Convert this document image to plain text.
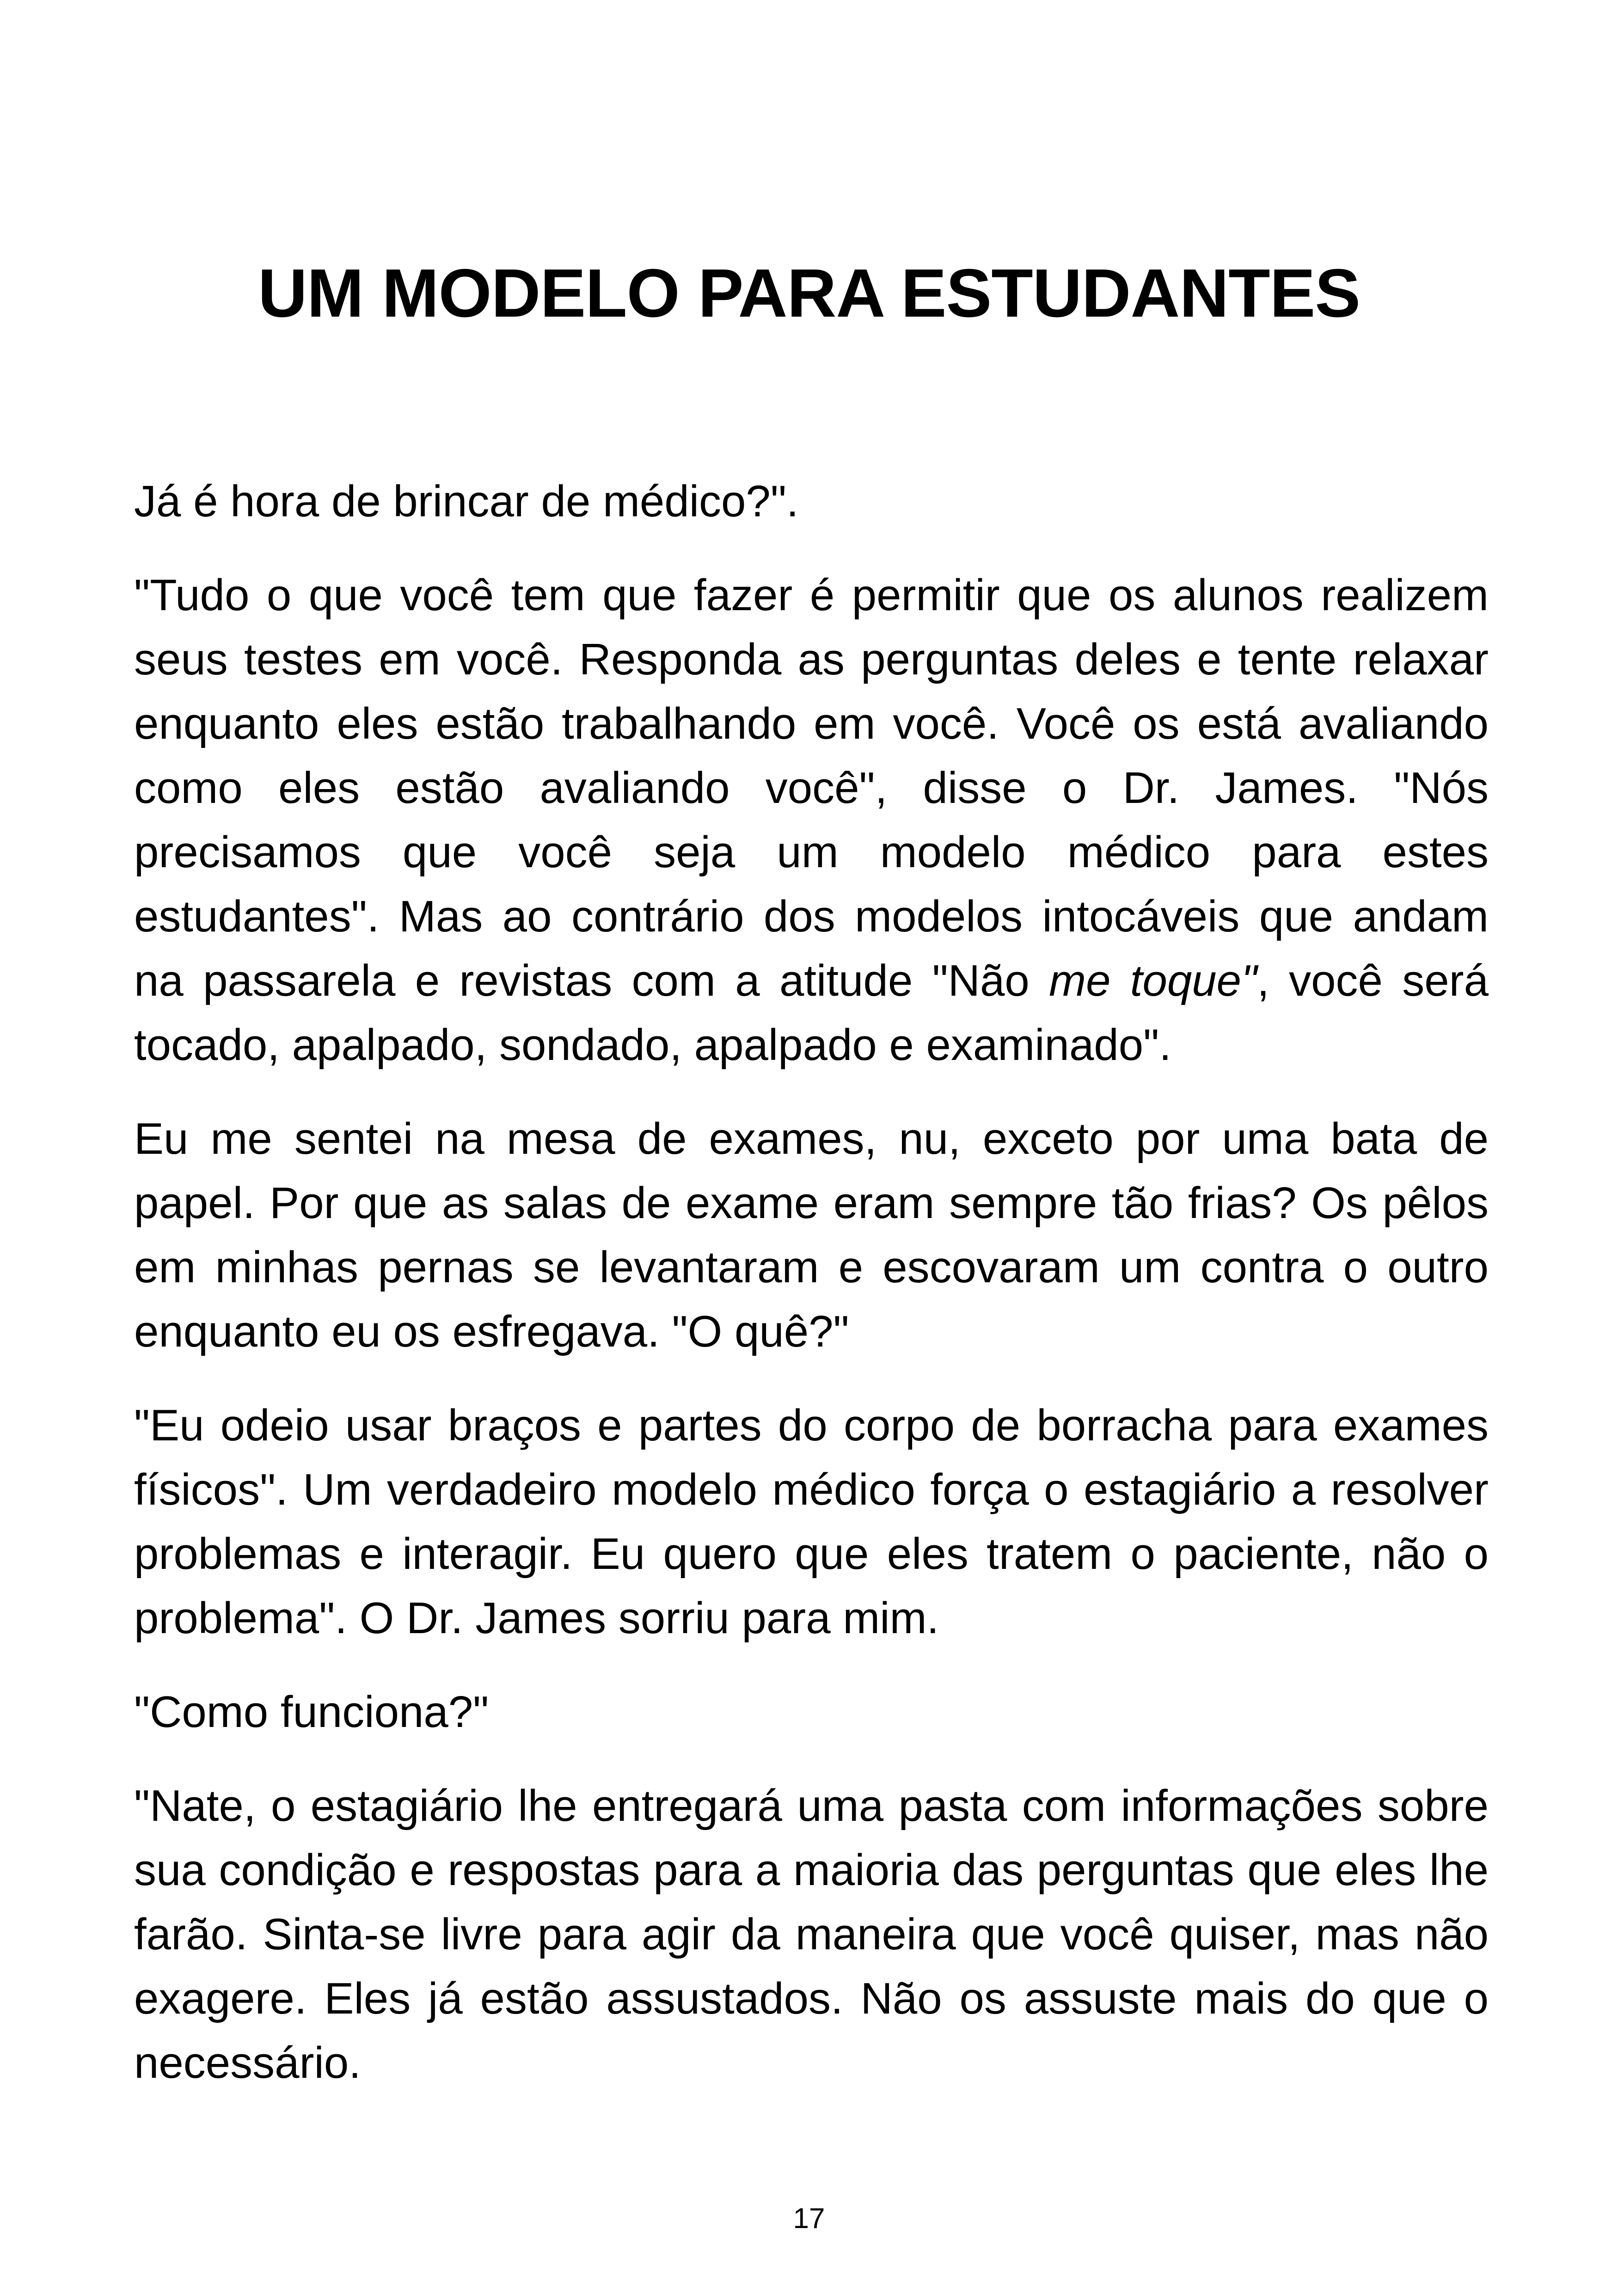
UM MODELO PARA ESTUDANTES

Já é hora de brincar de médico?".

"Tudo o que você tem que fazer é permitir que os alunos realizem seus testes em você. Responda as perguntas deles e tente relaxar enquanto eles estão trabalhando em você. Você os está avaliando como eles estão avaliando você", disse o Dr. James. "Nós precisamos que você seja um modelo médico para estes estudantes". Mas ao contrário dos modelos intocáveis que andam na passarela e revistas com a atitude "Não me toque", você será tocado, apalpado, sondado, apalpado e examinado".

Eu me sentei na mesa de exames, nu, exceto por uma bata de papel. Por que as salas de exame eram sempre tão frias? Os pêlos em minhas pernas se levantaram e escovaram um contra o outro enquanto eu os esfregava. "O quê?"

"Eu odeio usar braços e partes do corpo de borracha para exames físicos". Um verdadeiro modelo médico força o estagiário a resolver problemas e interagir. Eu quero que eles tratem o paciente, não o problema". O Dr. James sorriu para mim.

"Como funciona?"

"Nate, o estagiário lhe entregará uma pasta com informações sobre sua condição e respostas para a maioria das perguntas que eles lhe farão. Sinta-se livre para agir da maneira que você quiser, mas não exagere. Eles já estão assustados. Não os assuste mais do que o necessário.

17
